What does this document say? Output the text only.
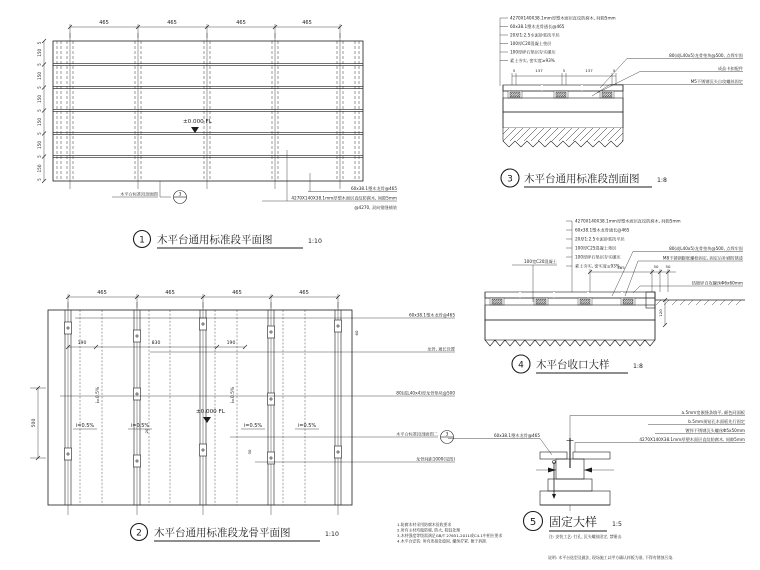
465	465	465	465
5
150
5
150
5
150
5
150
5
150
5
150
5
±0.000 FL
木平台标准段剖面图	3
60x38.1塑木龙骨@465
4270X140X38.1mm厚塑木面层直纹防腐木, 间隙5mm
@4270, 双向错缝铺装
1 木平台通用标准段平面图	1:10
465	465	465	465
190	830	190
±0.000 FL
i=0.5%	i=0.5%	i=0.5%	i=0.5%
i=0.5%	i=0.5%
500
20
30
60
60x38.1塑木龙骨@465
龙骨, 通长设置
80(或L40x4)厚龙骨垫块@500
木平台标准段剖面图二 3
龙骨间距1000(见图)
2 木平台通用标准段龙骨平面图	1:10
4270X140X38.1mm厚塑木面层直纹防腐木, 间隙5mm
60x38.1塑木龙骨通长@465
20厚1:2.5水泥砂浆找平层
100厚C20混凝土垫层
100厚碎石垫层夯实碾压
素土夯实, 密实度≥93%
80(或L40x5)龙骨垫块@500, 点焊牢固
成品卡扣配件
M5不锈钢沉头自攻螺丝固定
5	137	5	137	5
3 木平台通用标准段剖面图	1:8
4270X140X38.1mm厚塑木面层直纹防腐木, 间隙5mm
60x38.1塑木龙骨通长@465
20厚1:2.5水泥砂浆找平层
100厚C25混凝土垫层
100厚碎石垫层夯实碾压
素土夯实, 密实度≥93%
100宽C20混凝土
80(或L40x5)龙骨垫块@500, 点焊牢固
M8不锈钢膨胀螺栓固定, 固定后补刷防锈漆
热镀锌自攻螺丝Φ6x60mm
465	50 50
120
4 木平台收口大样	1:8
a.5mm宽嵌缝条填平, 颜色同面板
b.5mm预钻孔木面板先行固定
镀锌不锈钢沉头螺丝Φ5x50mm
4270X140X38.1mm厚塑木面层直纹防腐木, 间隙5mm
60x38.1塑木龙骨@465
5 固定大样 1:5
注: 安装工艺: 打孔, 沉头螺丝固定, 禁锤击.
1.防腐木材采用防腐木验收要求
2.所有主材均做防腐, 防火, 防蛀处理
3.木材强度等级需满足GB/T 27651-2011或C4.1中相应要求
4.木平台安装: 所有连接处稳固, 螺丝拧紧, 便于拆卸.
说明: 木平台选型及做法, 现场施工以甲方确认样板为准, 不得有锈蚀污染.
